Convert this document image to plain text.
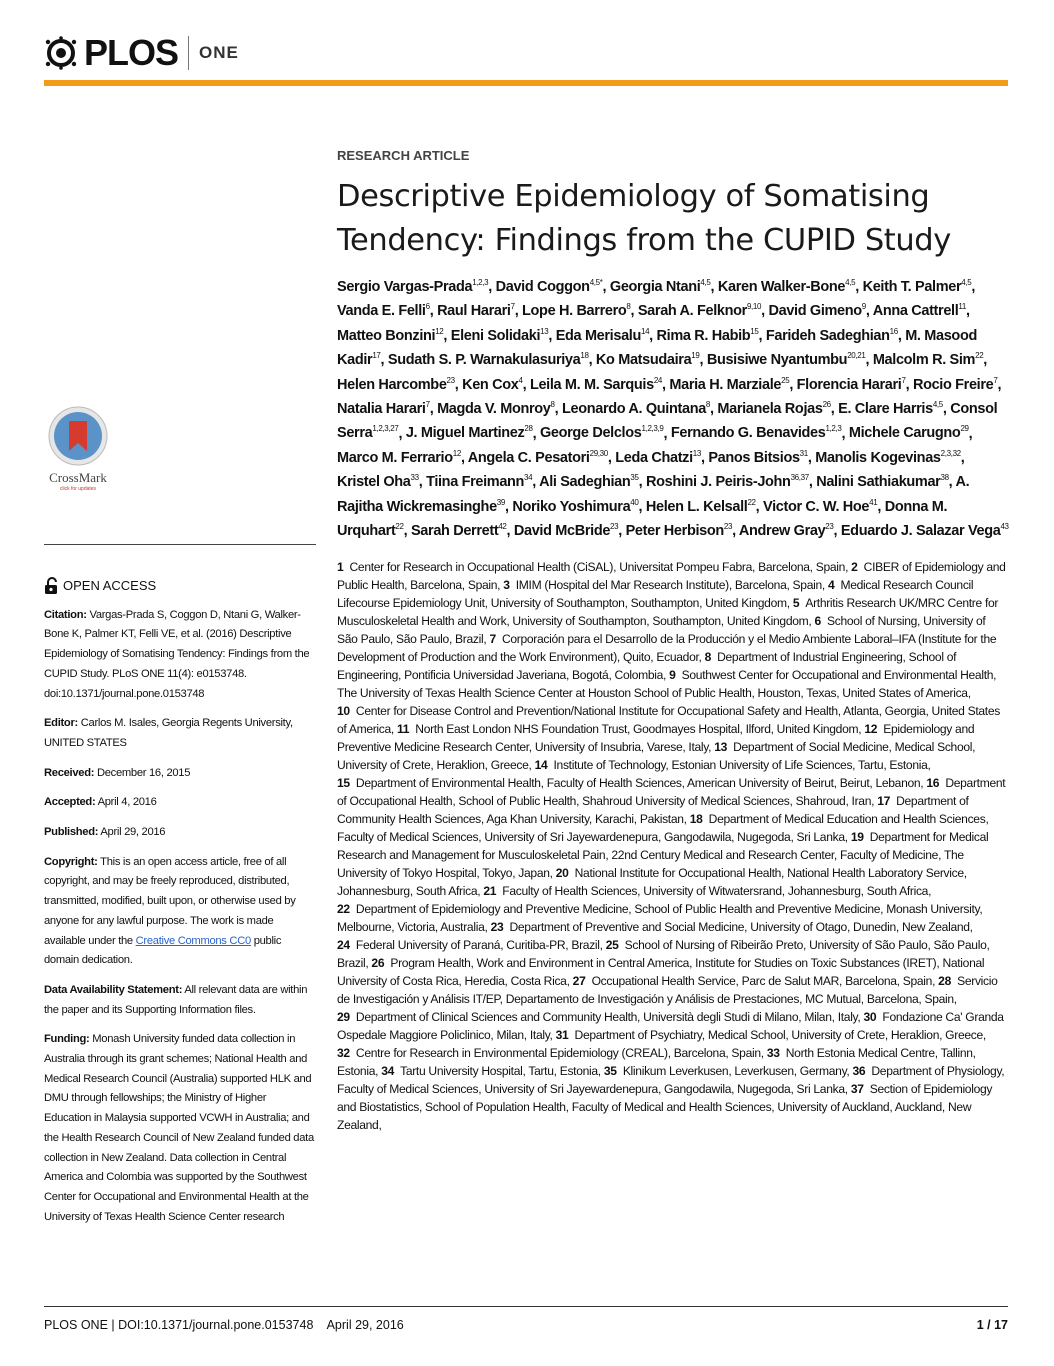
PLOS ONE
CrossMark
click for updates
OPEN ACCESS
Citation: Vargas-Prada S, Coggon D, Ntani G, Walker-Bone K, Palmer KT, Felli VE, et al. (2016) Descriptive Epidemiology of Somatising Tendency: Findings from the CUPID Study. PLoS ONE 11(4): e0153748. doi:10.1371/journal.pone.0153748
Editor: Carlos M. Isales, Georgia Regents University, UNITED STATES
Received: December 16, 2015
Accepted: April 4, 2016
Published: April 29, 2016
Copyright: This is an open access article, free of all copyright, and may be freely reproduced, distributed, transmitted, modified, built upon, or otherwise used by anyone for any lawful purpose. The work is made available under the Creative Commons CC0 public domain dedication.
Data Availability Statement: All relevant data are within the paper and its Supporting Information files.
Funding: Monash University funded data collection in Australia through its grant schemes; National Health and Medical Research Council (Australia) supported HLK and DMU through fellowships; the Ministry of Higher Education in Malaysia supported VCWH in Australia; and the Health Research Council of New Zealand funded data collection in New Zealand. Data collection in Central America and Colombia was supported by the Southwest Center for Occupational and Environmental Health at the University of Texas Health Science Center research
RESEARCH ARTICLE
Descriptive Epidemiology of Somatising Tendency: Findings from the CUPID Study
Sergio Vargas-Prada$^{1,2,3}$, David Coggon$^{4,5*}$, Georgia Ntani$^{4,5}$, Karen Walker-Bone$^{4,5}$, Keith T. Palmer$^{4,5}$, Vanda E. Felli$^6$, Raul Harari$^7$, Lope H. Barrero$^8$, Sarah A. Felknor$^{9,10}$, David Gimeno$^9$, Anna Cattrell$^{11}$, Matteo Bonzini$^{12}$, Eleni Solidaki$^{13}$, Eda Merisalu$^{14}$, Rima R. Habib$^{15}$, Farideh Sadeghian$^{16}$, M. Masood Kadir$^{17}$, Sudath S. P. Warnakulasuriya$^{18}$, Ko Matsudaira$^{19}$, Busisiwe Nyantumbu$^{20,21}$, Malcolm R. Sim$^{22}$, Helen Harcombe$^{23}$, Ken Cox$^4$, Leila M. M. Sarquis$^{24}$, Maria H. Marziale$^{25}$, Florencia Harari$^7$, Rocio Freire$^7$, Natalia Harari$^7$, Magda V. Monroy$^8$, Leonardo A. Quintana$^8$, Marianela Rojas$^{26}$, E. Clare Harris$^{4,5}$, Consol Serra$^{1,2,3,27}$, J. Miguel Martinez$^{28}$, George Delclos$^{1,2,3,9}$, Fernando G. Benavides$^{1,2,3}$, Michele Carugno$^{29}$, Marco M. Ferrario$^{12}$, Angela C. Pesatori$^{29,30}$, Leda Chatzi$^{13}$, Panos Bitsios$^{31}$, Manolis Kogevinas$^{2,3,32}$, Kristel Oha$^{33}$, Tiina Freimann$^{34}$, Ali Sadeghian$^{35}$, Roshini J. Peiris-John$^{36,37}$, Nalini Sathiakumar$^{38}$, A. Rajitha Wickremasinghe$^{39}$, Noriko Yoshimura$^{40}$, Helen L. Kelsall$^{22}$, Victor C. W. Hoe$^{41}$, Donna M. Urquhart$^{22}$, Sarah Derrett$^{42}$, David McBride$^{23}$, Peter Herbison$^{23}$, Andrew Gray$^{23}$, Eduardo J. Salazar Vega$^{43}$
1 Center for Research in Occupational Health (CiSAL), Universitat Pompeu Fabra, Barcelona, Spain, 2 CIBER of Epidemiology and Public Health, Barcelona, Spain, 3 IMIM (Hospital del Mar Research Institute), Barcelona, Spain, 4 Medical Research Council Lifecourse Epidemiology Unit, University of Southampton, Southampton, United Kingdom, 5 Arthritis Research UK/MRC Centre for Musculoskeletal Health and Work, University of Southampton, Southampton, United Kingdom, 6 School of Nursing, University of São Paulo, São Paulo, Brazil, 7 Corporación para el Desarrollo de la Producción y el Medio Ambiente Laboral–IFA (Institute for the Development of Production and the Work Environment), Quito, Ecuador, 8 Department of Industrial Engineering, School of Engineering, Pontificia Universidad Javeriana, Bogotá, Colombia, 9 Southwest Center for Occupational and Environmental Health, The University of Texas Health Science Center at Houston School of Public Health, Houston, Texas, United States of America, 10 Center for Disease Control and Prevention/National Institute for Occupational Safety and Health, Atlanta, Georgia, United States of America, 11 North East London NHS Foundation Trust, Goodmayes Hospital, Ilford, United Kingdom, 12 Epidemiology and Preventive Medicine Research Center, University of Insubria, Varese, Italy, 13 Department of Social Medicine, Medical School, University of Crete, Heraklion, Greece, 14 Institute of Technology, Estonian University of Life Sciences, Tartu, Estonia, 15 Department of Environmental Health, Faculty of Health Sciences, American University of Beirut, Beirut, Lebanon, 16 Department of Occupational Health, School of Public Health, Shahroud University of Medical Sciences, Shahroud, Iran, 17 Department of Community Health Sciences, Aga Khan University, Karachi, Pakistan, 18 Department of Medical Education and Health Sciences, Faculty of Medical Sciences, University of Sri Jayewardenepura, Gangodawila, Nugegoda, Sri Lanka, 19 Department for Medical Research and Management for Musculoskeletal Pain, 22nd Century Medical and Research Center, Faculty of Medicine, The University of Tokyo Hospital, Tokyo, Japan, 20 National Institute for Occupational Health, National Health Laboratory Service, Johannesburg, South Africa, 21 Faculty of Health Sciences, University of Witwatersrand, Johannesburg, South Africa, 22 Department of Epidemiology and Preventive Medicine, School of Public Health and Preventive Medicine, Monash University, Melbourne, Victoria, Australia, 23 Department of Preventive and Social Medicine, University of Otago, Dunedin, New Zealand, 24 Federal University of Paraná, Curitiba-PR, Brazil, 25 School of Nursing of Ribeirão Preto, University of São Paulo, São Paulo, Brazil, 26 Program Health, Work and Environment in Central America, Institute for Studies on Toxic Substances (IRET), National University of Costa Rica, Heredia, Costa Rica, 27 Occupational Health Service, Parc de Salut MAR, Barcelona, Spain, 28 Servicio de Investigación y Análisis IT/EP, Departamento de Investigación y Análisis de Prestaciones, MC Mutual, Barcelona, Spain, 29 Department of Clinical Sciences and Community Health, Università degli Studi di Milano, Milan, Italy, 30 Fondazione Ca' Granda Ospedale Maggiore Policlinico, Milan, Italy, 31 Department of Psychiatry, Medical School, University of Crete, Heraklion, Greece, 32 Centre for Research in Environmental Epidemiology (CREAL), Barcelona, Spain, 33 North Estonia Medical Centre, Tallinn, Estonia, 34 Tartu University Hospital, Tartu, Estonia, 35 Klinikum Leverkusen, Leverkusen, Germany, 36 Department of Physiology, Faculty of Medical Sciences, University of Sri Jayewardenepura, Gangodawila, Nugegoda, Sri Lanka, 37 Section of Epidemiology and Biostatistics, School of Population Health, Faculty of Medical and Health Sciences, University of Auckland, Auckland, New Zealand,
PLOS ONE | DOI:10.1371/journal.pone.0153748    April 29, 2016	1 / 17
